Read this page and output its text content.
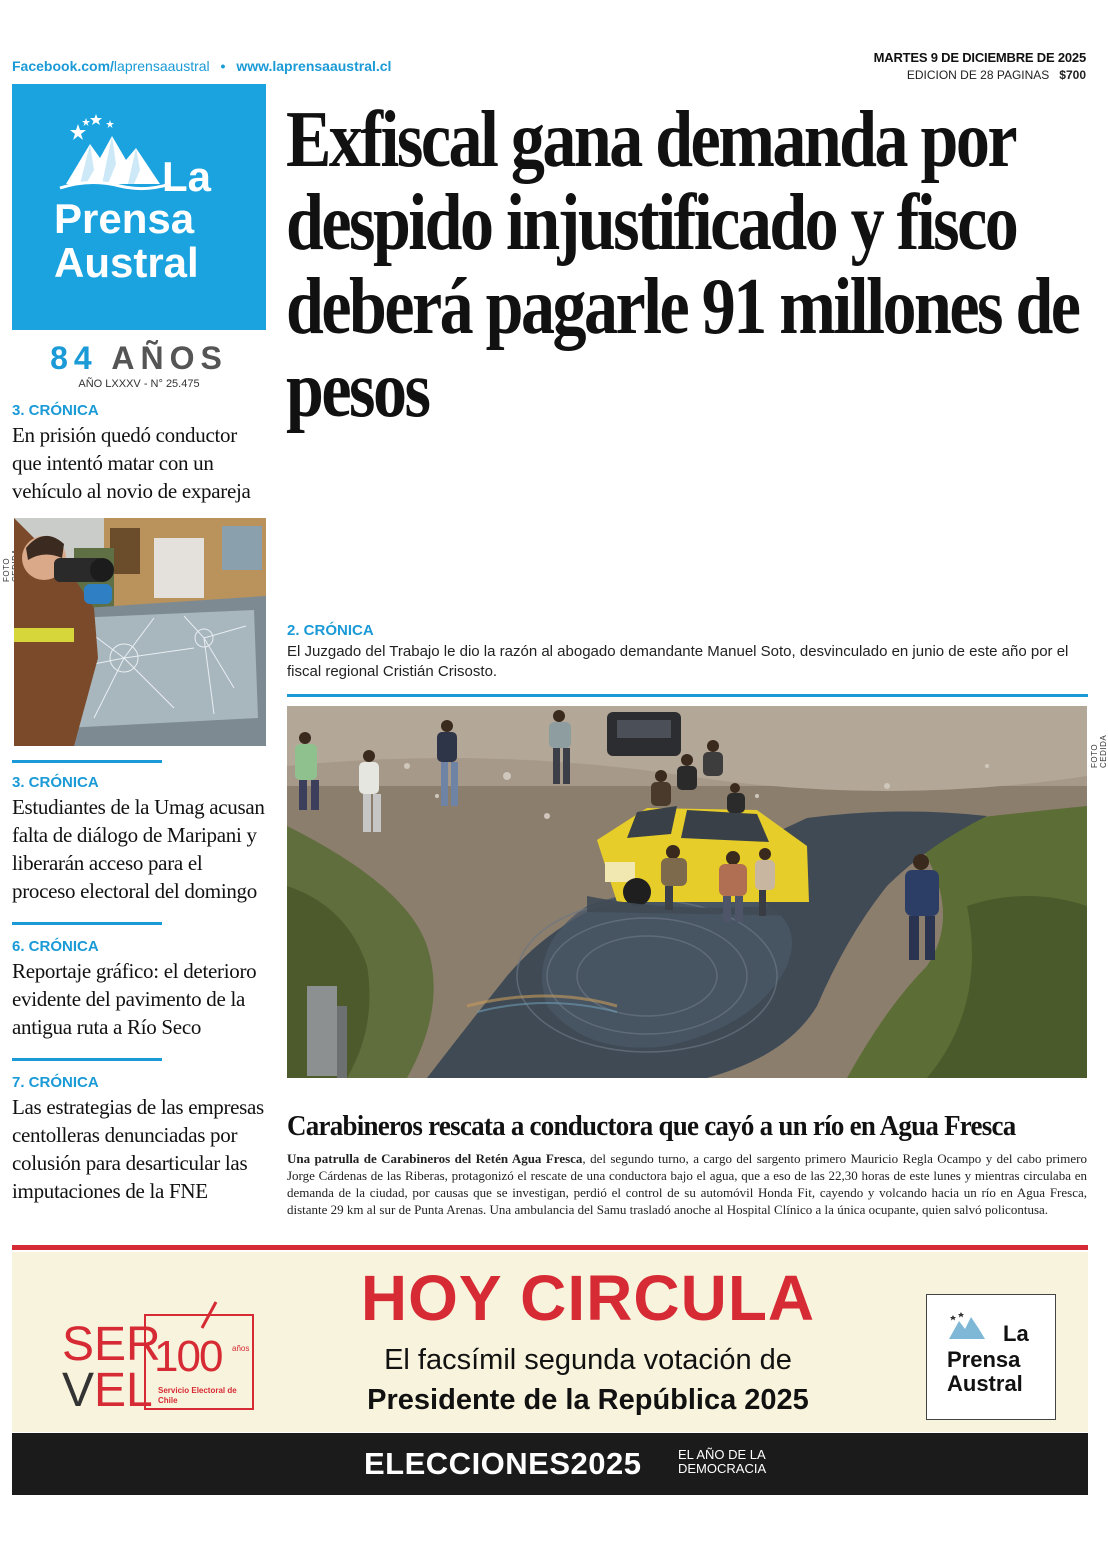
Facebook.com/laprensaaustral • www.laprensaaustral.cl
MARTES 9 DE DICIEMBRE DE 2025
EDICION DE 28 PAGINAS $700
La
Prensa
Austral
84 AÑOS
AÑO LXXXV - N° 25.475
3. CRÓNICA
En prisión quedó conductor que intentó matar con un vehículo al novio de expareja
FOTO
3. CRÓNICA
Estudiantes de la Umag acusan falta de diálogo de Maripani y liberarán acceso para el proceso electoral del domingo
6. CRÓNICA
Reportaje gráfico: el deterioro evidente del pavimento de la antigua ruta a Río Seco
7. CRÓNICA
Las estrategias de las empresas centolleras denunciadas por colusión para desarticular las imputaciones de la FNE
Exfiscal gana demanda por despido injustificado y fisco deberá pagarle 91 millones de pesos
2. CRÓNICA
El Juzgado del Trabajo le dio la razón al abogado demandante Manuel Soto, desvinculado en junio de este año por el fiscal regional Cristián Crisosto.
FOTO CEDIDA
Carabineros rescata a conductora que cayó a un río en Agua Fresca
Una patrulla de Carabineros del Retén Agua Fresca, del segundo turno, a cargo del sargento primero Mauricio Regla Ocampo y del cabo primero Jorge Cárdenas de las Riberas, protagonizó el rescate de una conductora bajo el agua, que a eso de las 22,30 horas de este lunes y mientras circulaba en demanda de la ciudad, por causas que se investigan, perdió el control de su automóvil Honda Fit, cayendo y volcando hacia un río en Agua Fresca, distante 29 km al sur de Punta Arenas. Una ambulancia del Samu trasladó anoche al Hospital Clínico a la única ocupante, quien salvó policontusa.
SER
VEL
100 años
Servicio Electoral de Chile
HOY CIRCULA
El facsímil segunda votación de
Presidente de la República 2025
La
Prensa
Austral
ELECCIONES2025	EL AÑO DE LA
DEMOCRACIA
